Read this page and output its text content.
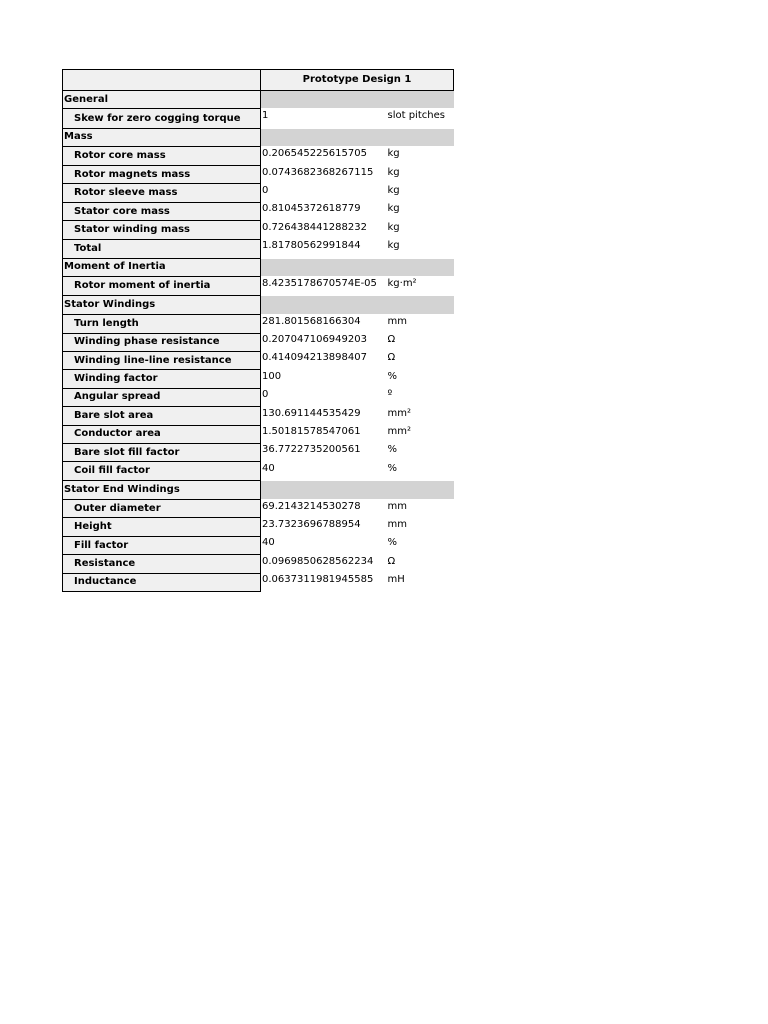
	Prototype Design 1	
General		
Skew for zero cogging torque	1	slot pitches
Mass		
Rotor core mass	0.206545225615705	kg
Rotor magnets mass	0.0743682368267115	kg
Rotor sleeve mass	0	kg
Stator core mass	0.81045372618779	kg
Stator winding mass	0.726438441288232	kg
Total	1.81780562991844	kg
Moment of Inertia		
Rotor moment of inertia	8.4235178670574E-05	kg·m²
Stator Windings		
Turn length	281.801568166304	mm
Winding phase resistance	0.207047106949203	Ω
Winding line-line resistance	0.414094213898407	Ω
Winding factor	100	%
Angular spread	0	º
Bare slot area	130.691144535429	mm²
Conductor area	1.50181578547061	mm²
Bare slot fill factor	36.7722735200561	%
Coil fill factor	40	%
Stator End Windings		
Outer diameter	69.2143214530278	mm
Height	23.7323696788954	mm
Fill factor	40	%
Resistance	0.0969850628562234	Ω
Inductance	0.0637311981945585	mH
